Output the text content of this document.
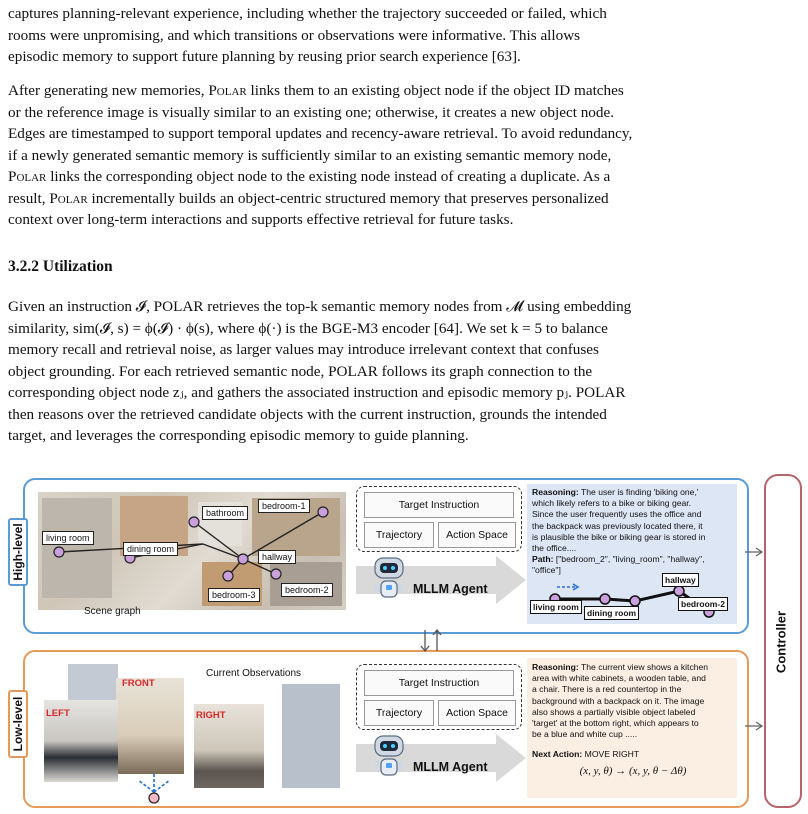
captures planning-relevant experience, including whether the trajectory succeeded or failed, which
rooms were unpromising, and which transitions or observations were informative. This allows
episodic memory to support future planning by reusing prior search experience [63].
After generating new memories, Polar links them to an existing object node if the object ID matches
or the reference image is visually similar to an existing one; otherwise, it creates a new object node.
Edges are timestamped to support temporal updates and recency-aware retrieval. To avoid redundancy,
if a newly generated semantic memory is sufficiently similar to an existing semantic memory node,
Polar links the corresponding object node to the existing node instead of creating a duplicate. As a
result, Polar incrementally builds an object-centric structured memory that preserves personalized
context over long-term interactions and supports effective retrieval for future tasks.
3.2.2 Utilization
Given an instruction 𝓘, POLAR retrieves the top-k semantic memory nodes from 𝓜 using embedding
similarity, sim(𝓘, s) = ϕ(𝓘) · ϕ(s), where ϕ(·) is the BGE-M3 encoder [64]. We set k = 5 to balance
memory recall and retrieval noise, as larger values may introduce irrelevant context that confuses
object grounding. For each retrieved semantic node, POLAR follows its graph connection to the
corresponding object node zⱼ, and gathers the associated instruction and episodic memory pⱼ. POLAR
then reasons over the retrieved candidate objects with the current instruction, grounds the intended
target, and leverages the corresponding episodic memory to guide planning.
High-level
Low-level
Controller
living room
dining room
bathroom
bedroom-1
hallway
bedroom-3	bedroom-2
Scene graph
Target Instruction
Trajectory	Action Space
MLLM Agent
Reasoning: The user is finding 'biking one,'
which likely refers to a bike or biking gear.
Since the user frequently uses the office and
the backpack was previously located there, it
is plausible the bike or biking gear is stored in
the office....
Path: ["bedroom_2", "living_room", "hallway",
"office"]
living room
dining room
hallway
bedroom-2
FRONT
LEFT	RIGHT
Current Observations
Target Instruction
Trajectory	Action Space
MLLM Agent
Reasoning: The current view shows a kitchen
area with white cabinets, a wooden table, and
a chair. There is a red countertop in the
background with a backpack on it. The image
also shows a partially visible object labeled
'target' at the bottom right, which appears to
be a blue and white cup .....
Next Action: MOVE RIGHT
(x, y, θ) → (x, y, θ − Δθ)
